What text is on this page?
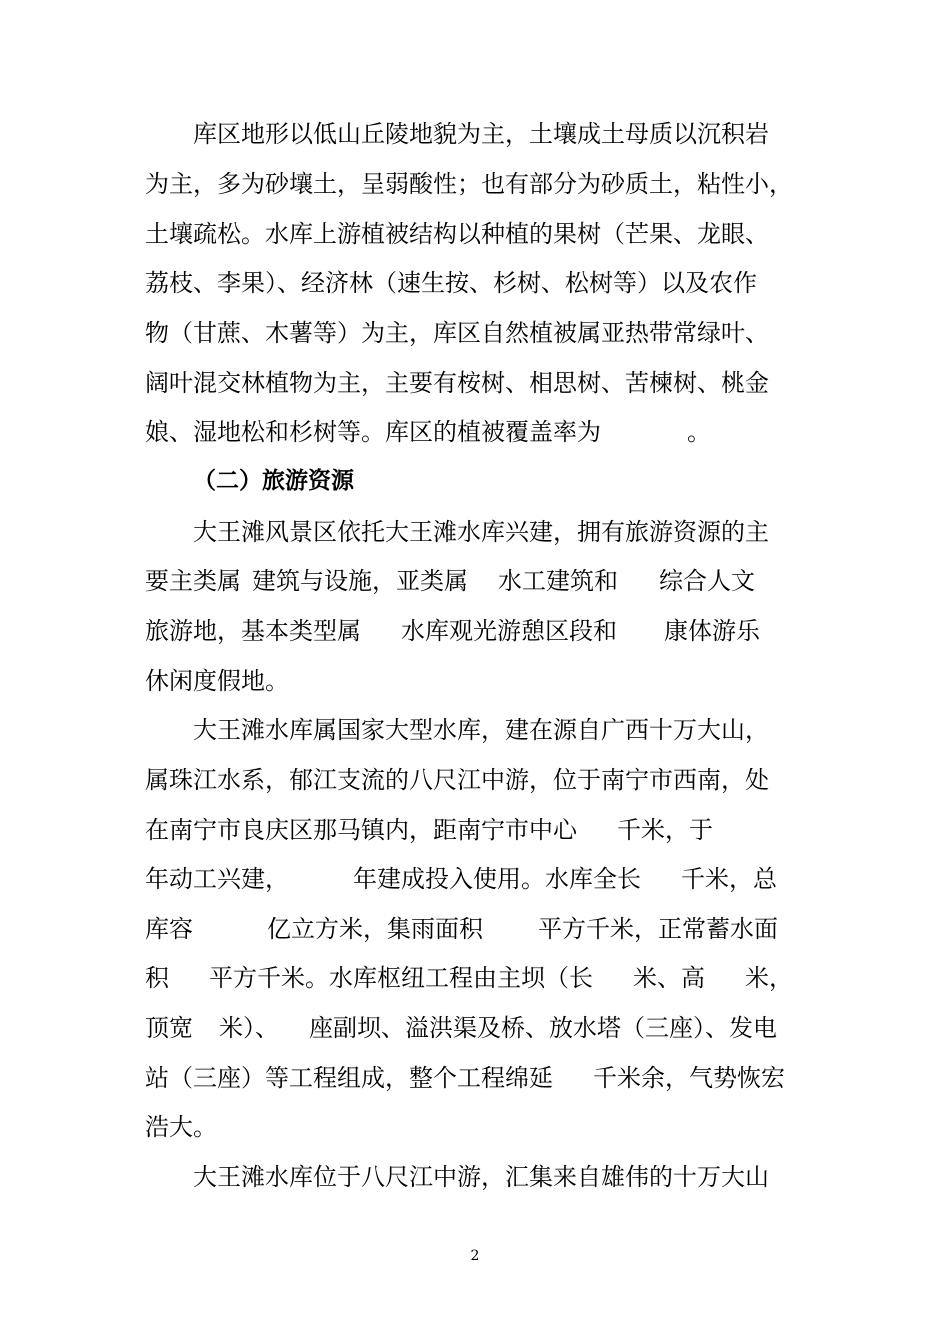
库区地形以低山丘陵地貌为主，土壤成土母质以沉积岩
为主，多为砂壤土，呈弱酸性；也有部分为砂质土，粘性小，
土壤疏松。水库上游植被结构以种植的果树（芒果、龙眼、
荔枝、李果）、经济林（速生按、杉树、松树等）以及农作
物（甘蔗、木薯等）为主，库区自然植被属亚热带常绿叶、
阔叶混交林植物为主，主要有桉树、相思树、苦楝树、桃金
娘、湿地松和杉树等。库区的植被覆盖率为	。
（二）旅游资源
大王滩风景区依托大王滩水库兴建，拥有旅游资源的主
要主类属 建筑与设施，亚类属 水工建筑和 综合人文
旅游地，基本类型属 水库观光游憩区段和 康体游乐
休闲度假地。
大王滩水库属国家大型水库，建在源自广西十万大山，
属珠江水系，郁江支流的八尺江中游，位于南宁市西南，处
在南宁市良庆区那马镇内，距南宁市中心 千米，于
年动工兴建，	年建成投入使用。水库全长 千米，总
库容	亿立方米，集雨面积 平方千米，正常蓄水面
积 平方千米。水库枢纽工程由主坝（长 米、高 米，
顶宽 米）、 座副坝、溢洪渠及桥、放水塔（三座）、发电
站（三座）等工程组成，整个工程绵延 千米余，气势恢宏
浩大。
大王滩水库位于八尺江中游，汇集来自雄伟的十万大山
2
